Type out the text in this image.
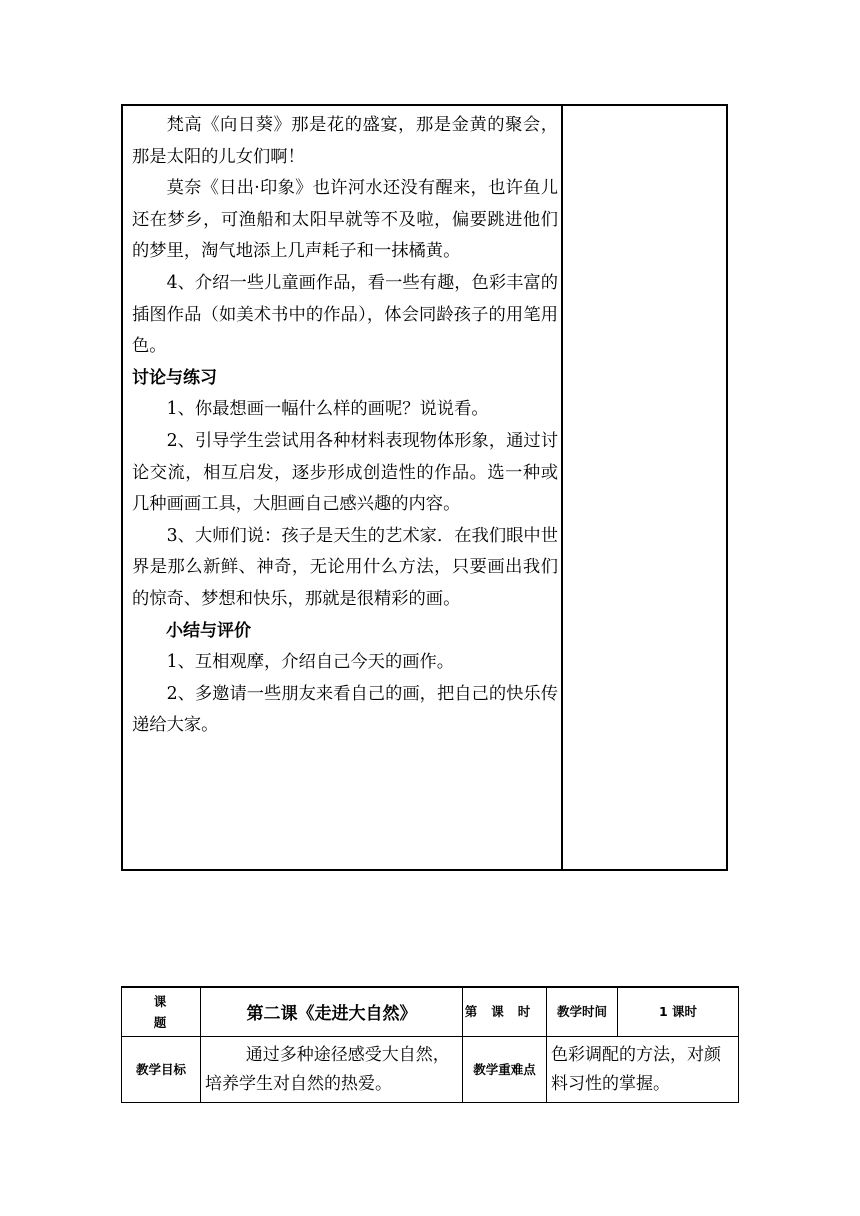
梵高《向日葵》那是花的盛宴，那是金黄的聚会，那是太阳的儿女们啊！

莫奈《日出·印象》也许河水还没有醒来，也许鱼儿还在梦乡，可渔船和太阳早就等不及啦，偏要跳进他们的梦里，淘气地添上几声耗子和一抹橘黄。

4、介绍一些儿童画作品，看一些有趣，色彩丰富的插图作品（如美术书中的作品），体会同龄孩子的用笔用色。

讨论与练习

1、你最想画一幅什么样的画呢？说说看。

2、引导学生尝试用各种材料表现物体形象，通过讨论交流，相互启发，逐步形成创造性的作品。选一种或几种画画工具，大胆画自己感兴趣的内容。

3、大师们说：孩子是天生的艺术家．在我们眼中世界是那么新鲜、神奇，无论用什么方法，只要画出我们的惊奇、梦想和快乐，那就是很精彩的画。

小结与评价

1、互相观摩，介绍自己今天的画作。

2、多邀请一些朋友来看自己的画，把自己的快乐传递给大家。

课题	第二课《走进大自然》	第课时	教学时间	1 课时
教学目标	通过多种途径感受大自然，培养学生对自然的热爱。	教学重难点	色彩调配的方法，对颜料习性的掌握。	
